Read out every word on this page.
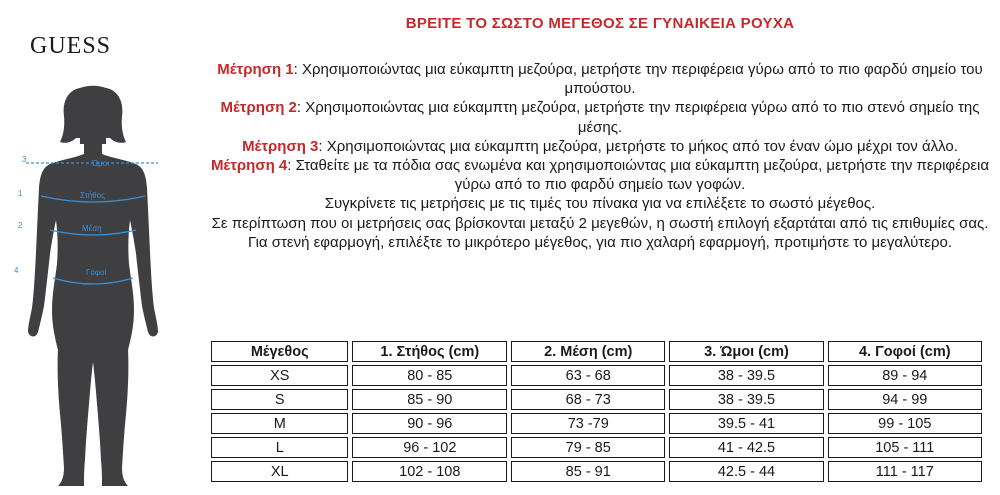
GUESS
3	Ώμοι
1	Στήθος
2	Μέση
4	Γοφοί
ΒΡΕΙΤΕ ΤΟ ΣΩΣΤΟ ΜΕΓΕΘΟΣ ΣΕ ΓΥΝΑΙΚΕΙΑ ΡΟΥΧΑ

Μέτρηση 1: Χρησιμοποιώντας μια εύκαμπτη μεζούρα, μετρήστε την περιφέρεια γύρω από το πιο φαρδύ σημείο του μπούστου.

Μέτρηση 2: Χρησιμοποιώντας μια εύκαμπτη μεζούρα, μετρήστε την περιφέρεια γύρω από το πιο στενό σημείο της μέσης.

Μέτρηση 3: Χρησιμοποιώντας μια εύκαμπτη μεζούρα, μετρήστε το μήκος από τον έναν ώμο μέχρι τον άλλο.

Μέτρηση 4: Σταθείτε με τα πόδια σας ενωμένα και χρησιμοποιώντας μια εύκαμπτη μεζούρα, μετρήστε την περιφέρεια γύρω από το πιο φαρδύ σημείο των γοφών.

Συγκρίνετε τις μετρήσεις με τις τιμές του πίνακα για να επιλέξετε το σωστό μέγεθος.

Σε περίπτωση που οι μετρήσεις σας βρίσκονται μεταξύ 2 μεγεθών, η σωστή επιλογή εξαρτάται από τις επιθυμίες σας. Για στενή εφαρμογή, επιλέξτε το μικρότερο μέγεθος, για πιο χαλαρή εφαρμογή, προτιμήστε το μεγαλύτερο.

Μέγεθος	1. Στήθος (cm)	2. Μέση (cm)	3. Ώμοι (cm)	4. Γοφοί (cm)
XS	80 - 85	63 - 68	38 - 39.5	89 - 94
S	85 - 90	68 - 73	38 - 39.5	94 - 99
M	90 - 96	73 -79	39.5 - 41	99 - 105
L	96 - 102	79 - 85	41 - 42.5	105 - 111
XL	102 - 108	85 - 91	42.5 - 44	111 - 117
